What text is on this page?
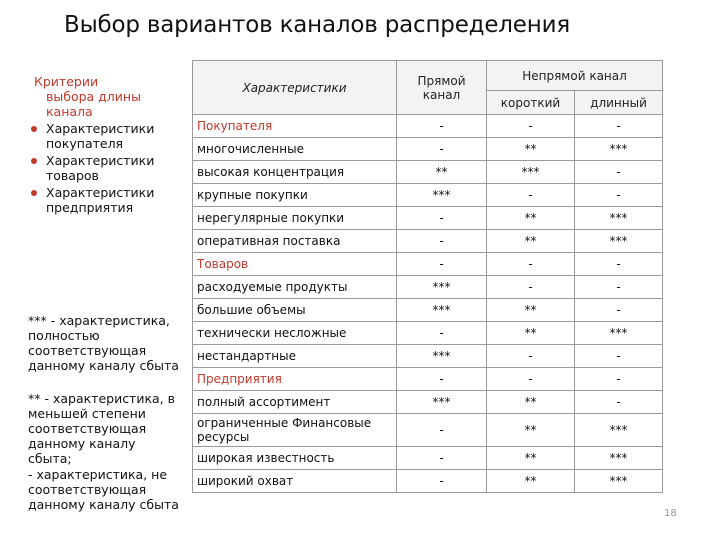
Выбор вариантов каналов распределения
Критерии
выбора длины
канала
Характеристики покупателя
Характеристики товаров
Характеристики предприятия
*** - характеристика, полностью соответствующая данному каналу сбыта
** - характеристика, в меньшей степени соответствующая данному каналу сбыта;
- характеристика, не соответствующая данному каналу сбыта
Характеристики	Прямой канал	Непрямой канал	
		короткий	длинный
Покупателя	-	-	-
многочисленные	-	**	***
высокая концентрация	**	***	-
крупные покупки	***	-	-
нерегулярные покупки	-	**	***
оперативная поставка	-	**	***
Товаров	-	-	-
расходуемые продукты	***	-	-
большие объемы	***	**	-
технически несложные	-	**	***
нестандартные	***	-	-
Предприятия	-	-	-
полный ассортимент	***	**	-
ограниченные Финансовые ресурсы	-	**	***
широкая известность	-	**	***
широкий охват	-	**	***
18
